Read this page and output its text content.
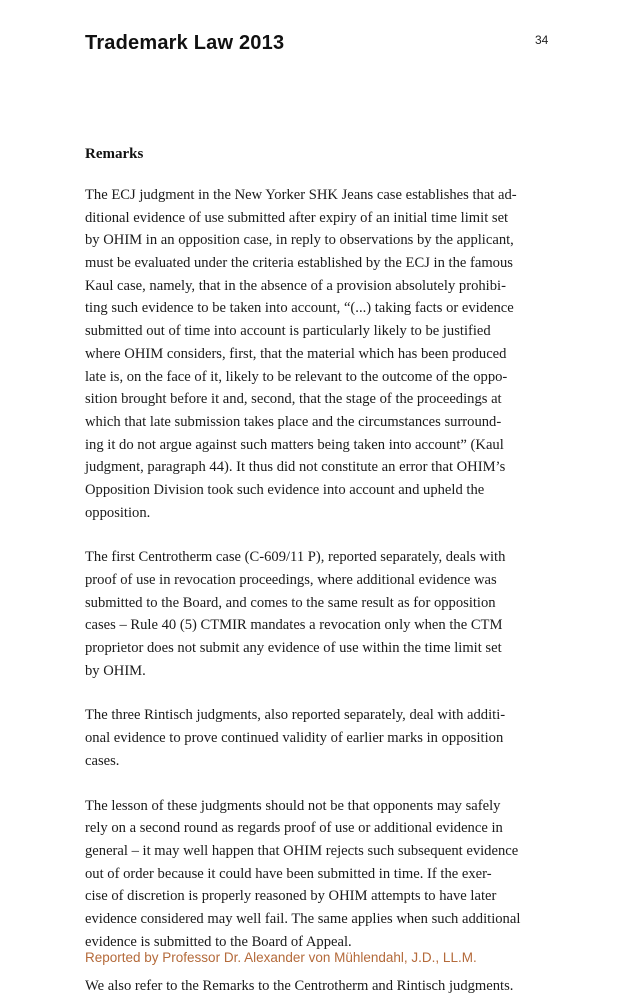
Trademark Law 2013	34
Remarks
The ECJ judgment in the New Yorker SHK Jeans case establishes that ad-
ditional evidence of use submitted after expiry of an initial time limit set
by OHIM in an opposition case, in reply to observations by the applicant,
must be evaluated under the criteria established by the ECJ in the famous
Kaul case, namely, that in the absence of a provision absolutely prohibi-
ting such evidence to be taken into account, “(...) taking facts or evidence
submitted out of time into account is particularly likely to be justified
where OHIM considers, first, that the material which has been produced
late is, on the face of it, likely to be relevant to the outcome of the oppo-
sition brought before it and, second, that the stage of the proceedings at
which that late submission takes place and the circumstances surround-
ing it do not argue against such matters being taken into account” (Kaul
judgment, paragraph 44). It thus did not constitute an error that OHIM’s
Opposition Division took such evidence into account and upheld the
opposition.
The first Centrotherm case (C-609/11 P), reported separately, deals with
proof of use in revocation proceedings, where additional evidence was
submitted to the Board, and comes to the same result as for opposition
cases – Rule 40 (5) CTMIR mandates a revocation only when the CTM
proprietor does not submit any evidence of use within the time limit set
by OHIM.
The three Rintisch judgments, also reported separately, deal with additi-
onal evidence to prove continued validity of earlier marks in opposition
cases.
The lesson of these judgments should not be that opponents may safely
rely on a second round as regards proof of use or additional evidence in
general – it may well happen that OHIM rejects such subsequent evidence
out of order because it could have been submitted in time. If the exer-
cise of discretion is properly reasoned by OHIM attempts to have later
evidence considered may well fail. The same applies when such additional
evidence is submitted to the Board of Appeal.
We also refer to the Remarks to the Centrotherm and Rintisch judgments.
Reported by Professor Dr. Alexander von Mühlendahl, J.D., LL.M.
